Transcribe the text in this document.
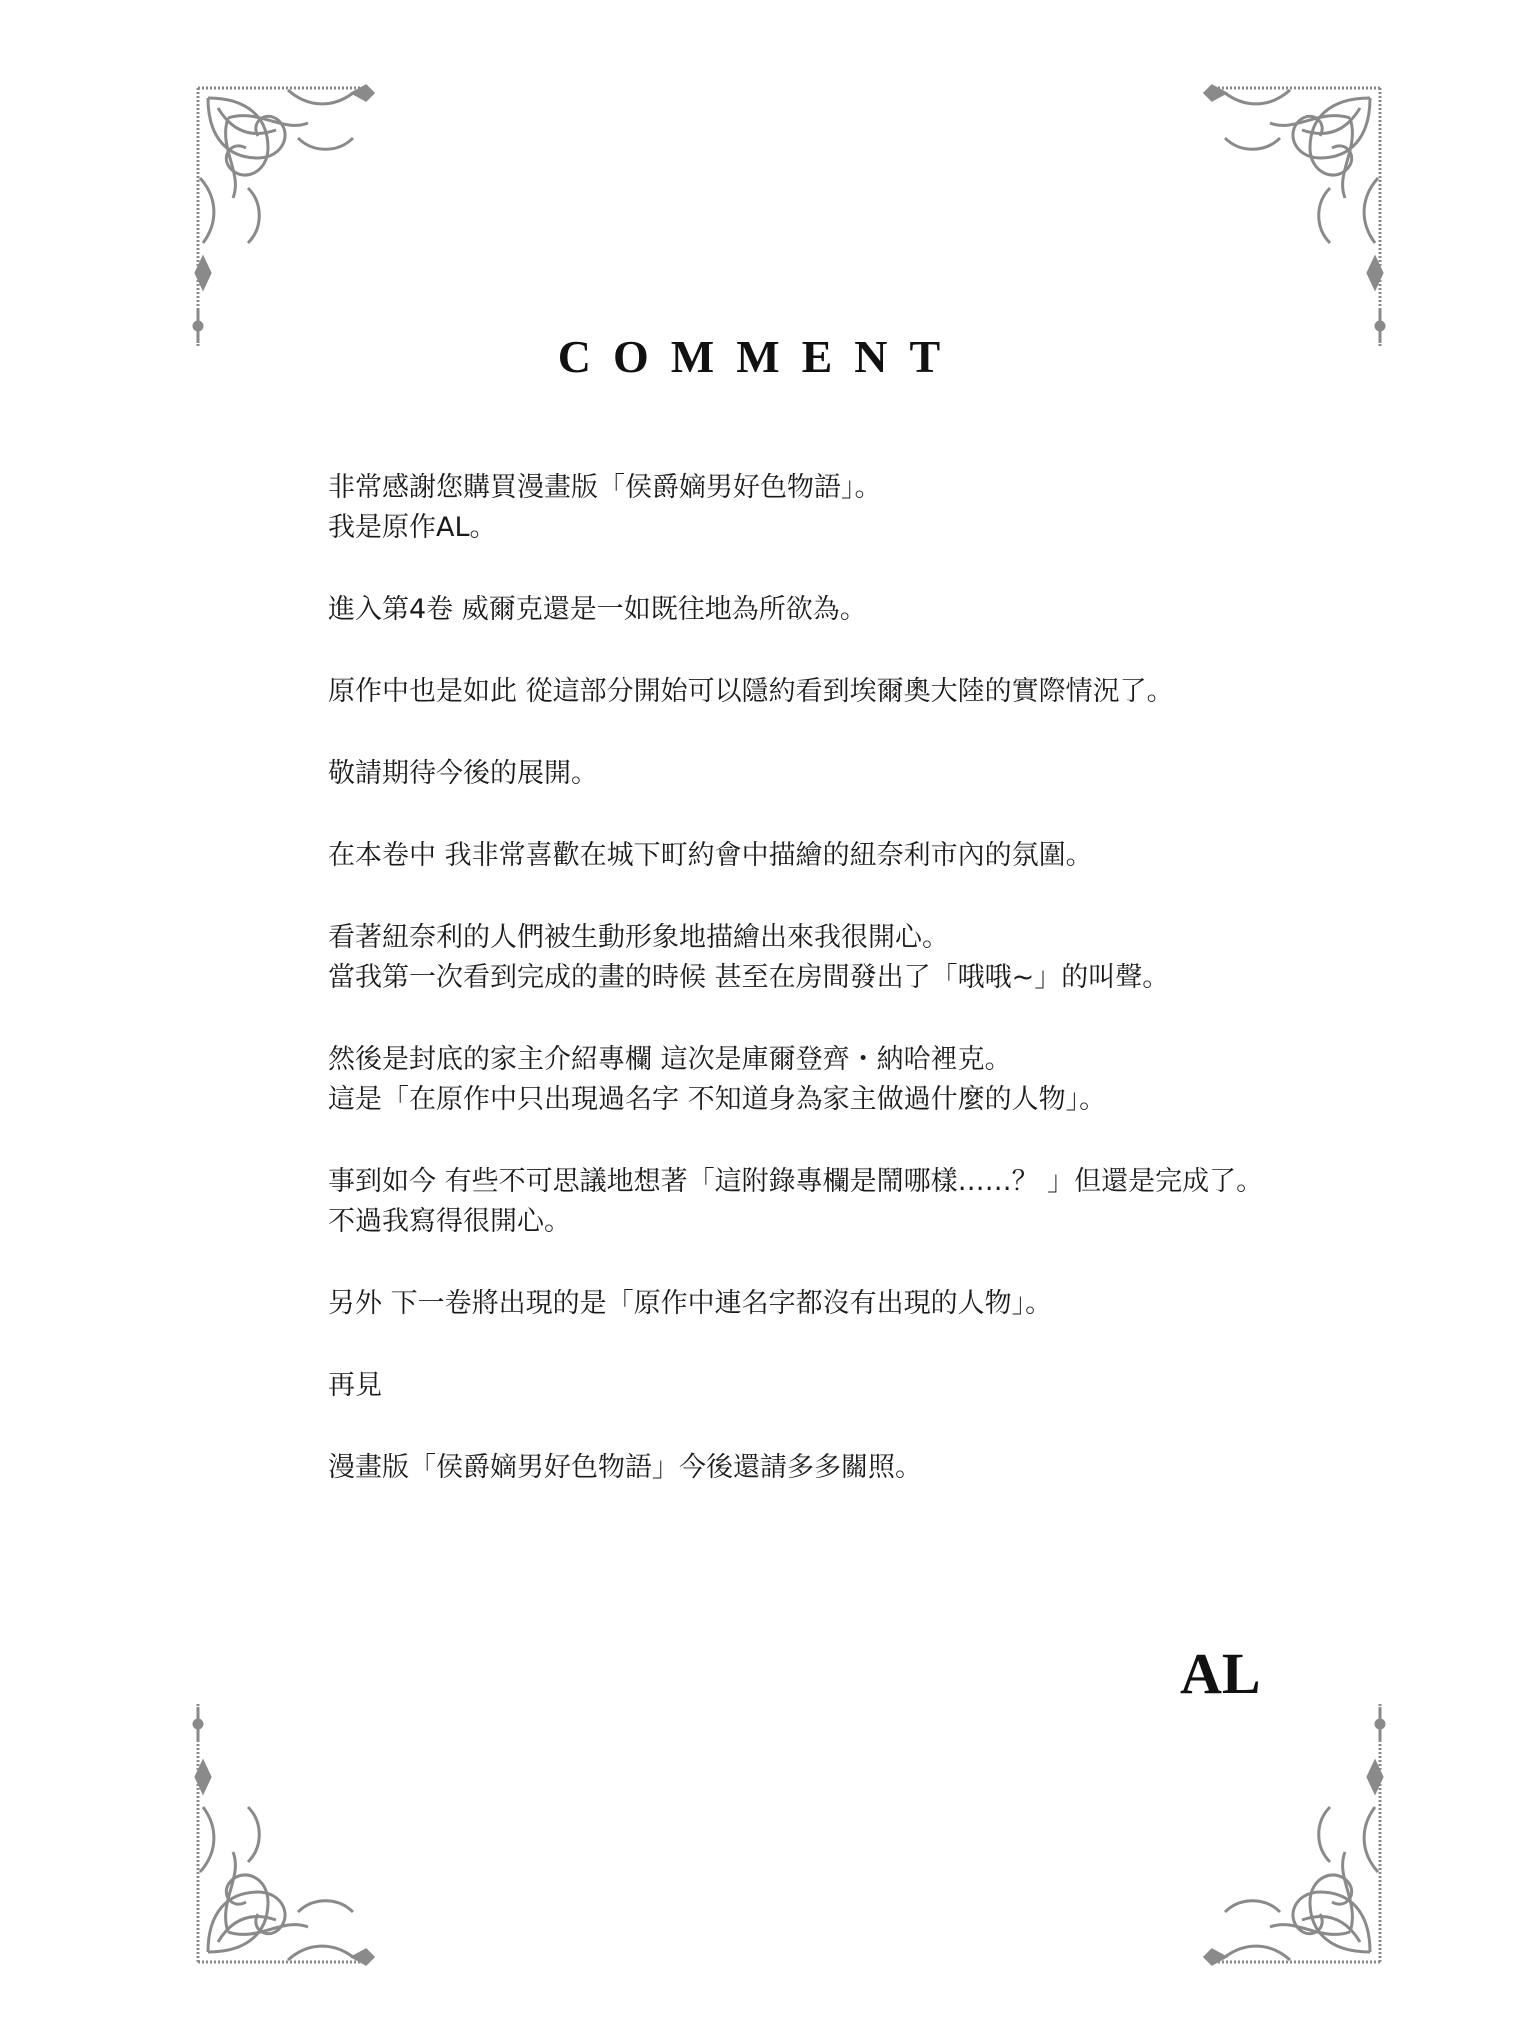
COMMENT

非常感謝您購買漫畫版「侯爵嫡男好色物語」。
我是原作AL。

進入第4卷 威爾克還是一如既往地為所欲為。

原作中也是如此 從這部分開始可以隱約看到埃爾奧大陸的實際情況了。

敬請期待今後的展開。

在本卷中 我非常喜歡在城下町約會中描繪的紐奈利市內的氛圍。

看著紐奈利的人們被生動形象地描繪出來我很開心。
當我第一次看到完成的畫的時候 甚至在房間發出了「哦哦~」的叫聲。

然後是封底的家主介紹專欄 這次是庫爾登齊・納哈裡克。
這是「在原作中只出現過名字 不知道身為家主做過什麼的人物」。

事到如今 有些不可思議地想著「這附錄專欄是鬧哪樣……？ 」但還是完成了。
不過我寫得很開心。

另外 下一卷將出現的是「原作中連名字都沒有出現的人物」。

再見

漫畫版「侯爵嫡男好色物語」今後還請多多關照。

AL
